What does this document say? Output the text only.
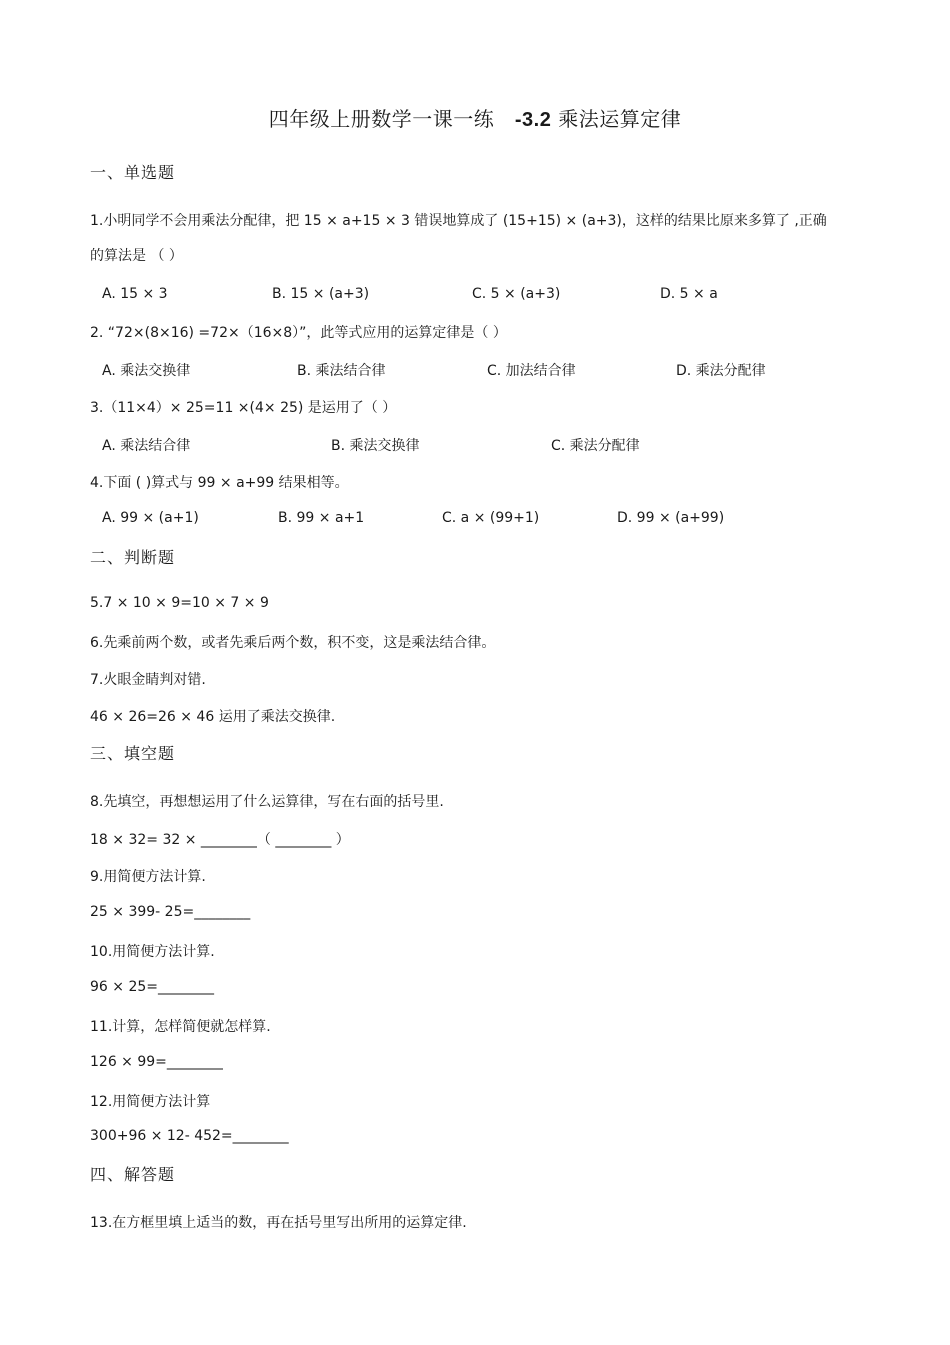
四年级上册数学一课一练 -3.2 乘法运算定律
一、单选题
1.小明同学不会用乘法分配律，把 15 × a+15 × 3 错误地算成了 (15+15) × (a+3)，这样的结果比原来多算了 ,正确
的算法是 （ ）
A. 15 × 3	B. 15 × (a+3)	C. 5 × (a+3)	D. 5 × a
2. “72×(8×16) =72×（16×8）”，此等式应用的运算定律是（ ）
A. 乘法交换律	B. 乘法结合律	C. 加法结合律	D. 乘法分配律
3.（11×4）× 25=11 ×(4× 25) 是运用了（ ）
A. 乘法结合律	B. 乘法交换律	C. 乘法分配律
4.下面 ( )算式与 99 × a+99 结果相等。
A. 99 × (a+1)	B. 99 × a+1	C. a × (99+1)	D. 99 × (a+99)
二、判断题
5.7 × 10 × 9=10 × 7 × 9
6.先乘前两个数，或者先乘后两个数，积不变，这是乘法结合律。
7.火眼金睛判对错.
46 × 26=26 × 46 运用了乘法交换律.
三、填空题
8.先填空，再想想运用了什么运算律，写在右面的括号里.
18 × 32= 32 × ________（ ________ ）
9.用简便方法计算.
25 × 399- 25=________
10.用简便方法计算.
96 × 25=________
11.计算，怎样简便就怎样算.
126 × 99=________
12.用简便方法计算
300+96 × 12- 452=________
四、解答题
13.在方框里填上适当的数，再在括号里写出所用的运算定律.
